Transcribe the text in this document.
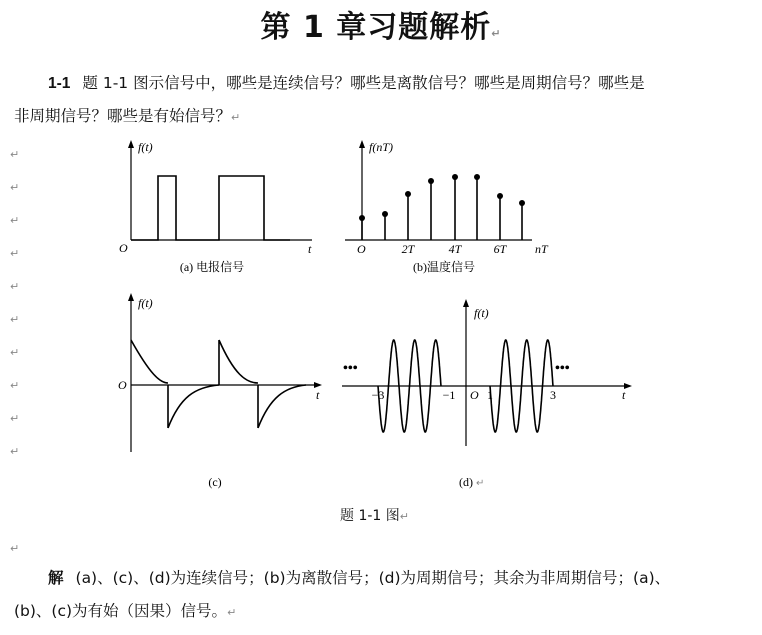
第 1 章习题解析↵
1-1 题 1-1 图示信号中，哪些是连续信号？哪些是离散信号？哪些是周期信号？哪些是
非周期信号？哪些是有始信号？↵
↵
↵
↵
↵
↵
↵
↵
↵
↵
↵
f(t)
O	t
(a) 电报信号
f(nT)
O	2T	4T	6T nT
(b)温度信号
f(t)
O
t
(c)
f(t)
•••	•••
−3	−1 O 1	3	t
(d) ↵
题 1-1 图↵
↵
解 (a)、(c)、(d)为连续信号；(b)为离散信号；(d)为周期信号；其余为非周期信号；(a)、
(b)、(c)为有始（因果）信号。↵
